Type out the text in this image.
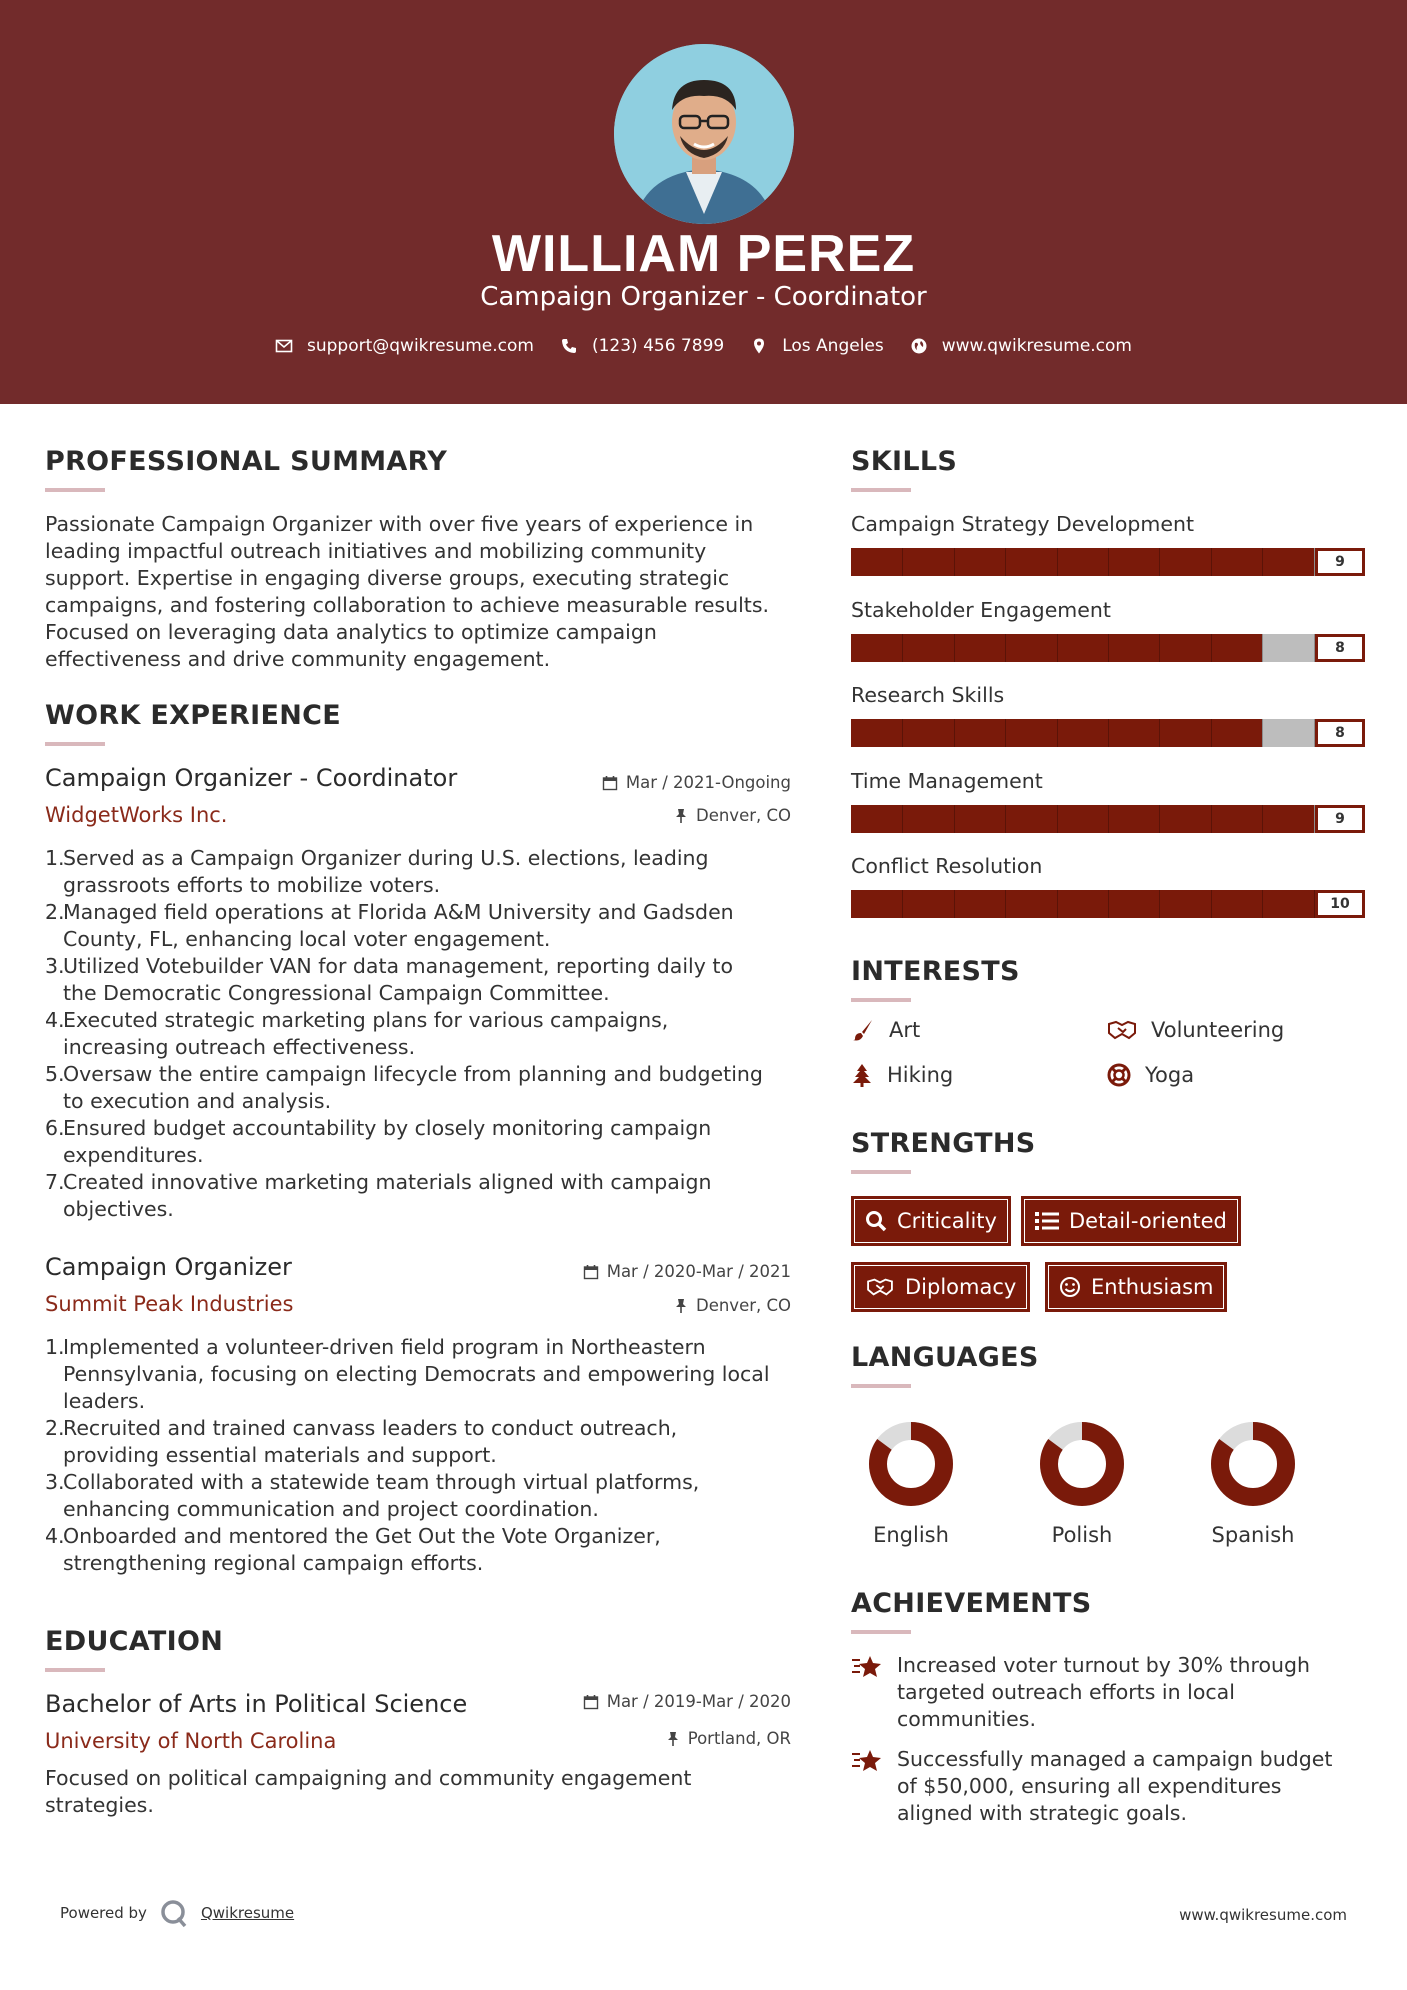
WILLIAM PEREZ
Campaign Organizer - Coordinator
support@qwikresume.com	(123) 456 7899	Los Angeles	www.qwikresume.com
PROFESSIONAL SUMMARY
Passionate Campaign Organizer with over five years of experience in
leading impactful outreach initiatives and mobilizing community
support. Expertise in engaging diverse groups, executing strategic
campaigns, and fostering collaboration to achieve measurable results.
Focused on leveraging data analytics to optimize campaign
effectiveness and drive community engagement.
WORK EXPERIENCE
Campaign Organizer - Coordinator
WidgetWorks Inc.
Mar / 2021-Ongoing
Denver, CO
1.
Served as a Campaign Organizer during U.S. elections, leading
grassroots efforts to mobilize voters.
2.
Managed field operations at Florida A&M University and Gadsden
County, FL, enhancing local voter engagement.
3.
Utilized Votebuilder VAN for data management, reporting daily to
the Democratic Congressional Campaign Committee.
4.
Executed strategic marketing plans for various campaigns,
increasing outreach effectiveness.
5.
Oversaw the entire campaign lifecycle from planning and budgeting
to execution and analysis.
6.
Ensured budget accountability by closely monitoring campaign
expenditures.
7.
Created innovative marketing materials aligned with campaign
objectives.
Campaign Organizer
Summit Peak Industries
Mar / 2020-Mar / 2021
Denver, CO
1.
Implemented a volunteer-driven field program in Northeastern
Pennsylvania, focusing on electing Democrats and empowering local
leaders.
2.
Recruited and trained canvass leaders to conduct outreach,
providing essential materials and support.
3.
Collaborated with a statewide team through virtual platforms,
enhancing communication and project coordination.
4.
Onboarded and mentored the Get Out the Vote Organizer,
strengthening regional campaign efforts.
EDUCATION
Bachelor of Arts in Political Science
University of North Carolina
Mar / 2019-Mar / 2020
Portland, OR
Focused on political campaigning and community engagement
strategies.
SKILLS
Campaign Strategy Development
9
Stakeholder Engagement
8
Research Skills
8
Time Management
9
Conflict Resolution
10
INTERESTS
Art	Volunteering
Hiking	Yoga
STRENGTHS
Criticality	Detail-oriented
Diplomacy	Enthusiasm
LANGUAGES
English	Polish	Spanish
ACHIEVEMENTS
Increased voter turnout by 30% through
targeted outreach efforts in local
communities.
Successfully managed a campaign budget
of $50,000, ensuring all expenditures
aligned with strategic goals.
Powered by	Qwikresume	www.qwikresume.com
